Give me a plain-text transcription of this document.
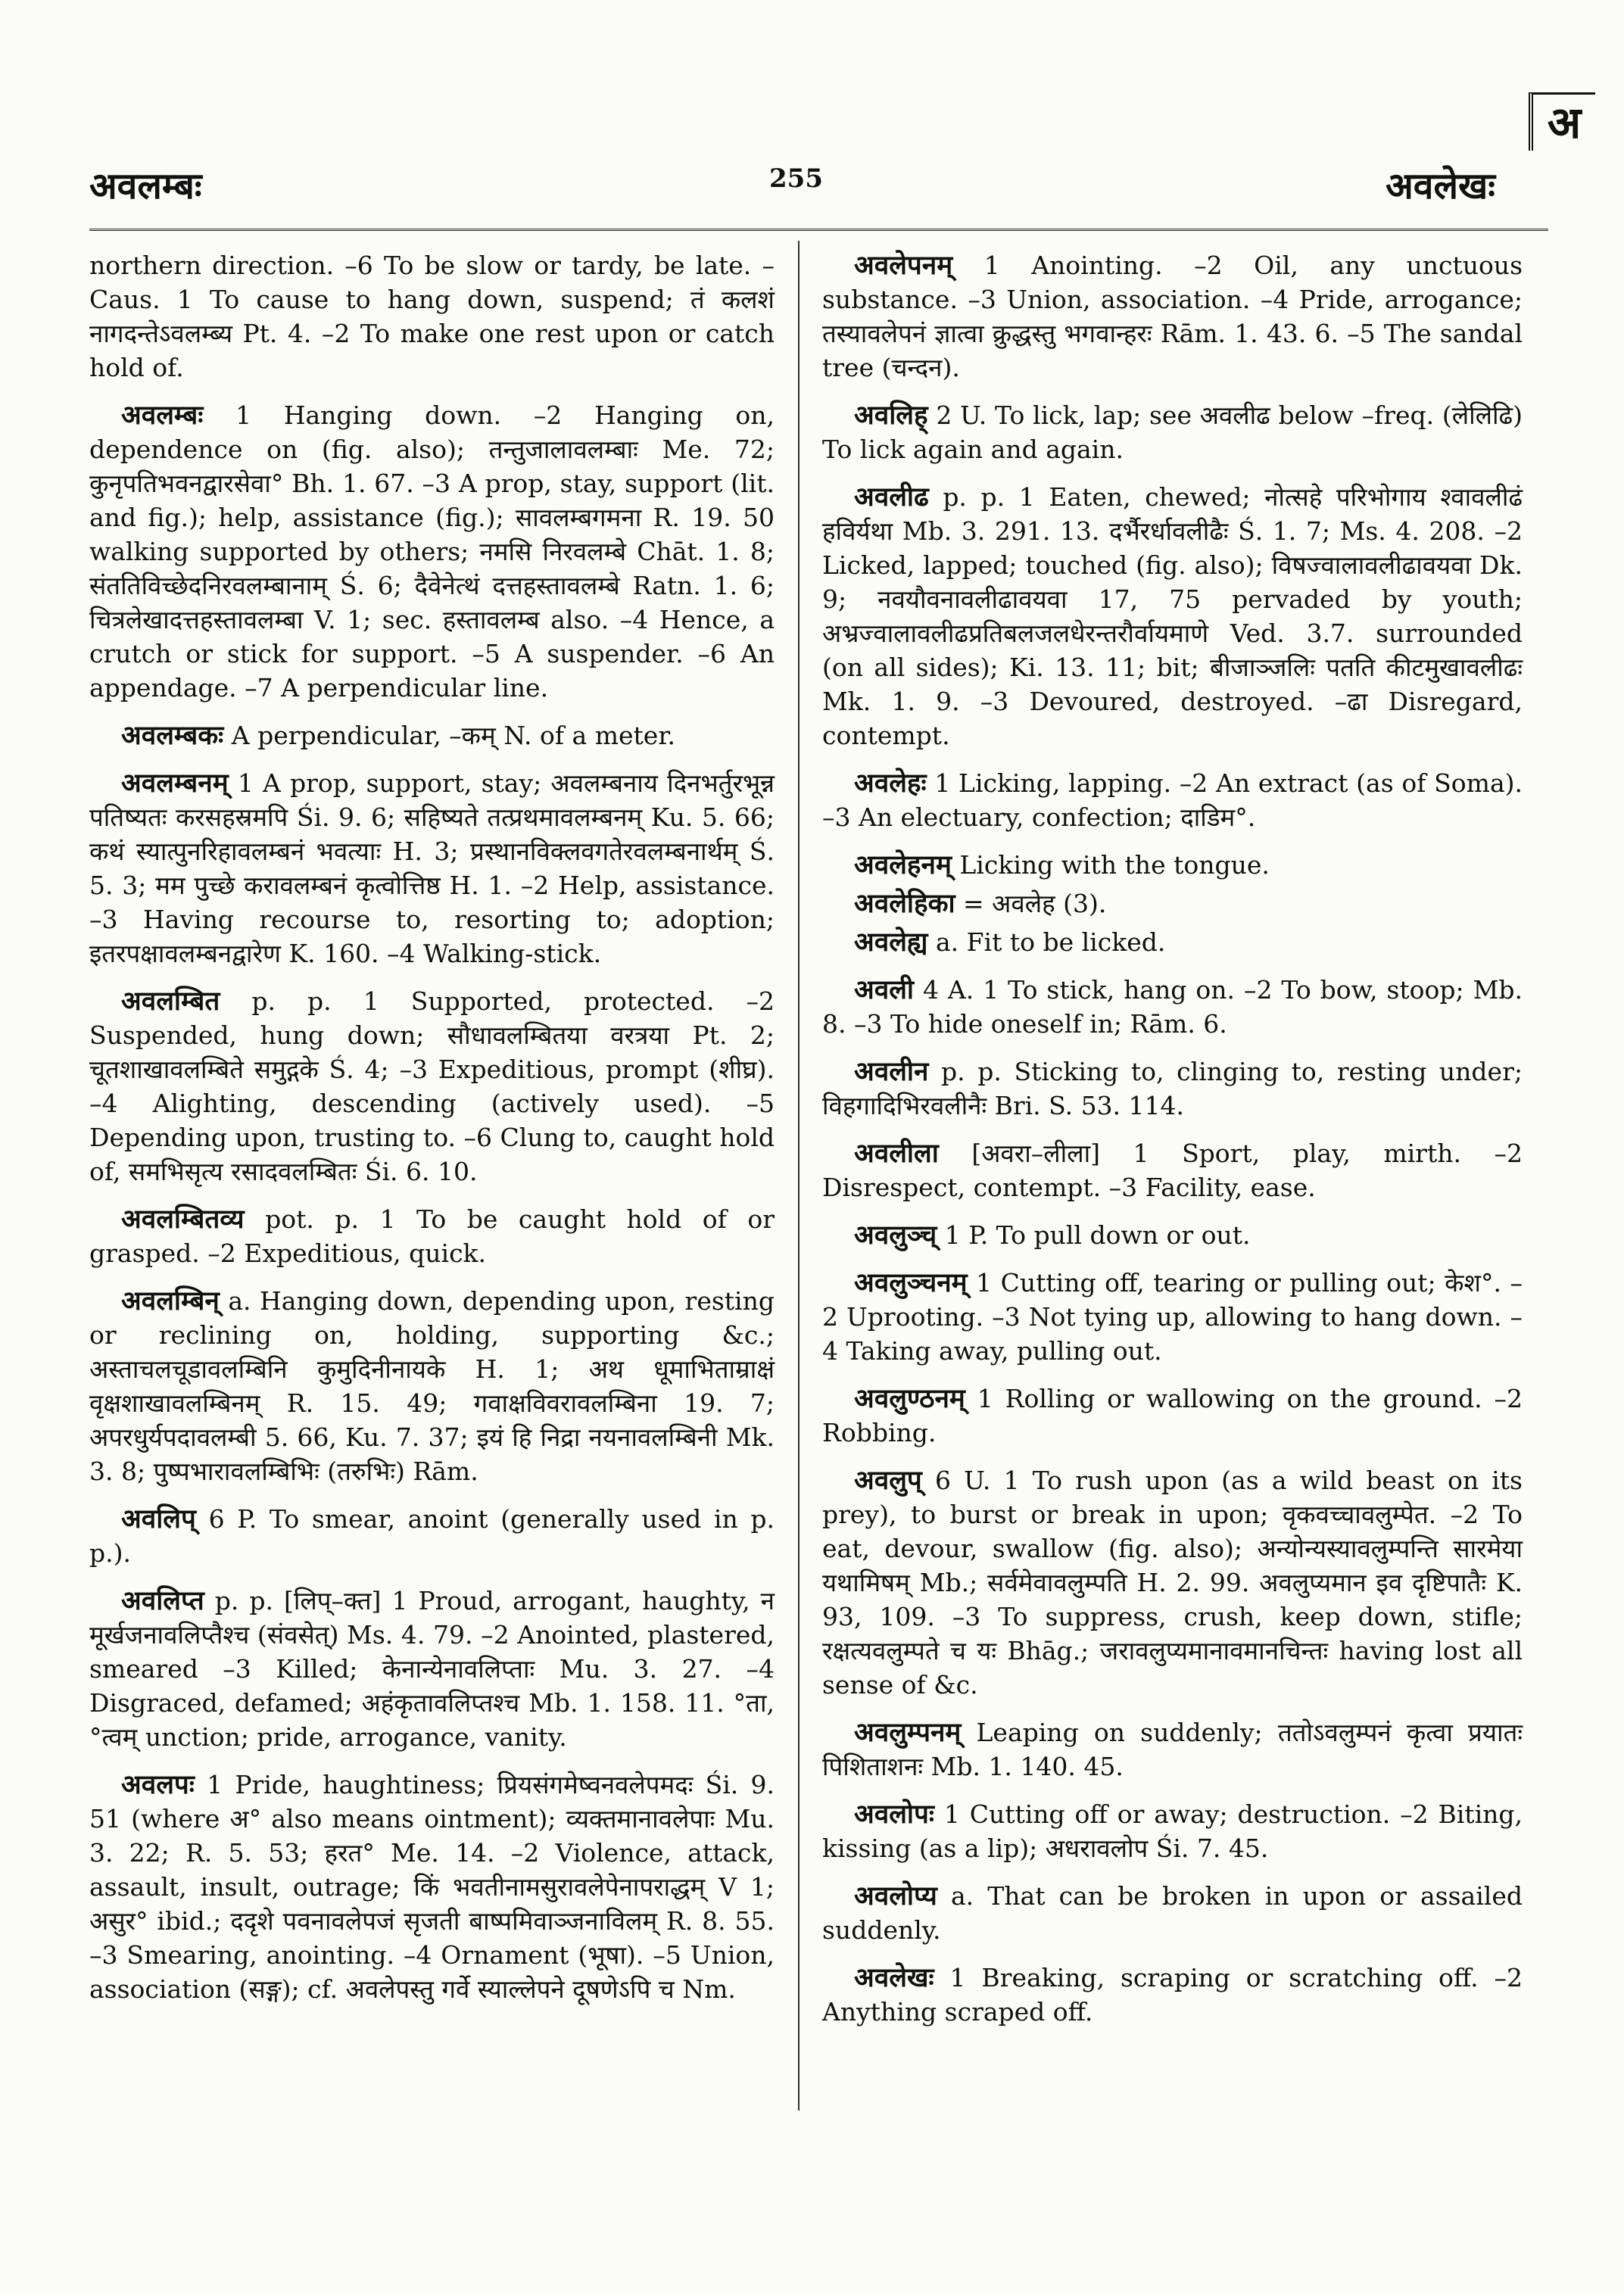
अ
अवलम्बः	255	अवलेखः

northern direction. –6 To be slow or tardy, be late. –Caus. 1 To cause to hang down, suspend; तं कलशं नागदन्तेऽवलम्ब्य Pt. 4. –2 To make one rest upon or catch hold of.

अवलम्बः 1 Hanging down. –2 Hanging on, dependence on (fig. also); तन्तुजालावलम्बाः Me. 72; कुनृपतिभवनद्वारसेवा° Bh. 1. 67. –3 A prop, stay, support (lit. and fig.); help, assistance (fig.); सावलम्बगमना R. 19. 50 walking supported by others; नमसि निरवलम्बे Chāt. 1. 8; संततिविच्छेदनिरवलम्बानाम् Ś. 6; दैवेनेत्थं दत्तहस्तावलम्बे Ratn. 1. 6; चित्रलेखादत्तहस्तावलम्बा V. 1; sec. हस्तावलम्ब also. –4 Hence, a crutch or stick for support. –5 A suspender. –6 An appendage. –7 A perpendicular line.

अवलम्बकः A perpendicular, –कम् N. of a meter.

अवलम्बनम् 1 A prop, support, stay; अवलम्बनाय दिनभर्तुरभून्न पतिष्यतः करसहस्रमपि Śi. 9. 6; सहिष्यते तत्प्रथमावलम्बनम् Ku. 5. 66; कथं स्यात्पुनरिहावलम्बनं भवत्याः H. 3; प्रस्थानविक्लवगतेरवलम्बनार्थम् Ś. 5. 3; मम पुच्छे करावलम्बनं कृत्वोत्तिष्ठ H. 1. –2 Help, assistance. –3 Having recourse to, resorting to; adoption; इतरपक्षावलम्बनद्वारेण K. 160. –4 Walking-stick.

अवलम्बित p. p. 1 Supported, protected. –2 Suspended, hung down; सौधावलम्बितया वरत्रया Pt. 2; चूतशाखावलम्बिते समुद्गके Ś. 4; –3 Expeditious, prompt (शीघ्र). –4 Alighting, descending (actively used). –5 Depending upon, trusting to. –6 Clung to, caught hold of, समभिसृत्य रसादवलम्बितः Śi. 6. 10.

अवलम्बितव्य pot. p. 1 To be caught hold of or grasped. –2 Expeditious, quick.

अवलम्बिन् a. Hanging down, depending upon, resting or reclining on, holding, supporting &c.; अस्ताचलचूडावलम्बिनि कुमुदिनीनायके H. 1; अथ धूमाभिताम्राक्षं वृक्षशाखावलम्बिनम् R. 15. 49; गवाक्षविवरावलम्बिना 19. 7; अपरधुर्यपदावलम्बी 5. 66, Ku. 7. 37; इयं हि निद्रा नयनावलम्बिनी Mk. 3. 8; पुष्पभारावलम्बिभिः (तरुभिः) Rām.

अवलिप् 6 P. To smear, anoint (generally used in p. p.).

अवलिप्त p. p. [लिप्–क्त] 1 Proud, arrogant, haughty, न मूर्खजनावलिप्तैश्च (संवसेत्) Ms. 4. 79. –2 Anointed, plastered, smeared –3 Killed; केनान्येनावलिप्ताः Mu. 3. 27. –4 Disgraced, defamed; अहंकृतावलिप्तश्च Mb. 1. 158. 11. °ता, °त्वम् unction; pride, arrogance, vanity.

अवलपः 1 Pride, haughtiness; प्रियसंगमेष्वनवलेपमदः Śi. 9. 51 (where अ° also means ointment); व्यक्तमानावलेपाः Mu. 3. 22; R. 5. 53; हरत° Me. 14. –2 Violence, attack, assault, insult, outrage; किं भवतीनामसुरावलेपेनापराद्धम् V 1; असुर° ibid.; ददृशे पवनावलेपजं सृजती बाष्पमिवाञ्जनाविलम् R. 8. 55. –3 Smearing, anointing. –4 Ornament (भूषा). –5 Union, association (सङ्ग); cf. अवलेपस्तु गर्वे स्याल्लेपने दूषणेऽपि च Nm.

अवलेपनम् 1 Anointing. –2 Oil, any unctuous substance. –3 Union, association. –4 Pride, arrogance; तस्यावलेपनं ज्ञात्वा क्रुद्धस्तु भगवान्हरः Rām. 1. 43. 6. –5 The sandal tree (चन्दन).

अवलिह् 2 U. To lick, lap; see अवलीढ below –freq. (लेलिढि) To lick again and again.

अवलीढ p. p. 1 Eaten, chewed; नोत्सहे परिभोगाय श्वावलीढं हविर्यथा Mb. 3. 291. 13. दर्भैरर्धावलीढैः Ś. 1. 7; Ms. 4. 208. –2 Licked, lapped; touched (fig. also); विषज्वालावलीढावयवा Dk. 9; नवयौवनावलीढावयवा 17, 75 pervaded by youth; अभ्रज्वालावलीढप्रतिबलजलधेरन्तरौर्वायमाणे Ved. 3.7. surrounded (on all sides); Ki. 13. 11; bit; बीजाञ्जलिः पतति कीटमुखावलीढः Mk. 1. 9. –3 Devoured, destroyed. –ढा Disregard, contempt.

अवलेहः 1 Licking, lapping. –2 An extract (as of Soma). –3 An electuary, confection; दाडिम°.

अवलेहनम् Licking with the tongue.

अवलेहिका = अवलेह (3).

अवलेह्य a. Fit to be licked.

अवली 4 A. 1 To stick, hang on. –2 To bow, stoop; Mb. 8. –3 To hide oneself in; Rām. 6.

अवलीन p. p. Sticking to, clinging to, resting under; विहगादिभिरवलीनैः Bri. S. 53. 114.

अवलीला [अवरा–लीला] 1 Sport, play, mirth. –2 Disrespect, contempt. –3 Facility, ease.

अवलुञ्च् 1 P. To pull down or out.

अवलुञ्चनम् 1 Cutting off, tearing or pulling out; केश°. –2 Uprooting. –3 Not tying up, allowing to hang down. –4 Taking away, pulling out.

अवलुण्ठनम् 1 Rolling or wallowing on the ground. –2 Robbing.

अवलुप् 6 U. 1 To rush upon (as a wild beast on its prey), to burst or break in upon; वृकवच्चावलुम्पेत. –2 To eat, devour, swallow (fig. also); अन्योन्यस्यावलुम्पन्ति सारमेया यथामिषम् Mb.; सर्वमेवावलुम्पति H. 2. 99. अवलुप्यमान इव दृष्टिपातैः K. 93, 109. –3 To suppress, crush, keep down, stifle; रक्षत्यवलुम्पते च यः Bhāg.; जरावलुप्यमानावमानचिन्तः having lost all sense of &c.

अवलुम्पनम् Leaping on suddenly; ततोऽवलुम्पनं कृत्वा प्रयातः पिशिताशनः Mb. 1. 140. 45.

अवलोपः 1 Cutting off or away; destruction. –2 Biting, kissing (as a lip); अधरावलोप Śi. 7. 45.

अवलोप्य a. That can be broken in upon or assailed suddenly.

अवलेखः 1 Breaking, scraping or scratching off. –2 Anything scraped off.
